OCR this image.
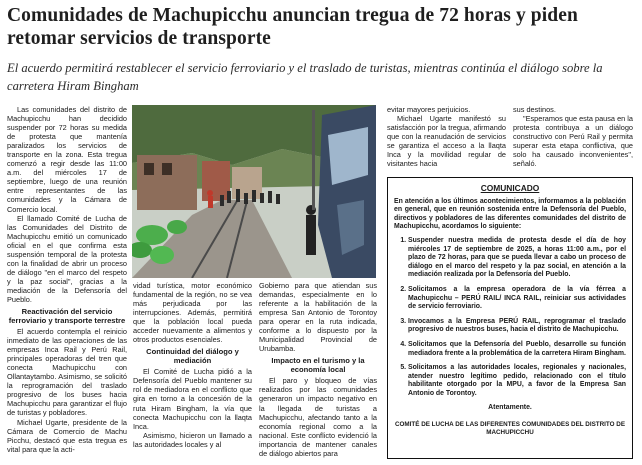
Comunidades de Machupicchu anuncian tregua de 72 horas y piden retomar servicios de transporte

El acuerdo permitirá restablecer el servicio ferroviario y el traslado de turistas, mientras continúa el diálogo sobre la carretera Hiram Bingham

Las comunidades del distrito de Machupicchu han decidido suspender por 72 horas su medida de protesta que mantenía paralizados los servicios de transporte en la zona. Esta tregua comenzó a regir desde las 11:00 a.m. del miércoles 17 de septiembre, luego de una reunión entre representantes de las comunidades y la Cámara de Comercio local.

El llamado Comité de Lucha de las Comunidades del Distrito de Machupicchu emitió un comunicado oficial en el que confirma esta suspensión temporal de la protesta con la finalidad de abrir un proceso de diálogo "en el marco del respeto y la paz social", gracias a la mediación de la Defensoría del Pueblo.

Reactivación del servicio ferroviario y transporte terrestre

El acuerdo contempla el reinicio inmediato de las operaciones de las empresas Inca Rail y Perú Rail, principales operadoras del tren que conecta Machupicchu con Ollantaytambo. Asimismo, se solicitó la reprogramación del traslado progresivo de los buses hacia Machupicchu para garantizar el flujo de turistas y pobladores.

Michael Ugarte, presidente de la Cámara de Comercio de Machu Picchu, destacó que esta tregua es vital para que la acti-

vidad turística, motor económico fundamental de la región, no se vea más perjudicada por las interrupciones. Además, permitirá que la población local pueda acceder nuevamente a alimentos y otros productos esenciales.

Continuidad del diálogo y mediación

El Comité de Lucha pidió a la Defensoría del Pueblo mantener su rol de mediadora en el conflicto que gira en torno a la concesión de la ruta Hiram Bingham, la vía que conecta Machupicchu con la llaqta Inca.

Asimismo, hicieron un llamado a las autoridades locales y al

Gobierno para que atiendan sus demandas, especialmente en lo referente a la habilitación de la empresa San Antonio de Torontoy para operar en la ruta indicada, conforme a lo dispuesto por la Municipalidad Provincial de Urubamba.

Impacto en el turismo y la economía local

El paro y bloqueo de vías realizados por las comunidades generaron un impacto negativo en la llegada de turistas a Machupicchu, afectando tanto a la economía regional como a la nacional. Este conflicto evidenció la importancia de mantener canales de diálogo abiertos para

evitar mayores perjuicios.

Michael Ugarte manifestó su satisfacción por la tregua, afirmando que con la reanudación de servicios se garantiza el acceso a la llaqta Inca y la movilidad regular de visitantes hacia

sus destinos.

"Esperamos que esta pausa en la protesta contribuya a un diálogo constructivo con Perú Rail y permita superar esta etapa conflictiva, que solo ha causado inconvenientes", señaló.

COMUNICADO

En atención a los últimos acontecimientos, informamos a la población en general, que en reunión sostenida entre la Defensoría del Pueblo, directivos y pobladores de las diferentes comunidades del distrito de Machupicchu, acordamos lo siguiente:

1. Suspender nuestra medida de protesta desde el día de hoy miércoles 17 de septiembre de 2025, a horas 11:00 a.m., por el plazo de 72 horas, para que se pueda llevar a cabo un proceso de diálogo en el marco del respeto y la paz social, en atención a la mediación realizada por la Defensoría del Pueblo.
2. Solicitamos a la empresa operadora de la vía férrea a Machupicchu – PERÚ RAIL/ INCA RAIL, reiniciar sus actividades de servicio ferroviario.
3. Invocamos a la Empresa PERÚ RAIL, reprogramar el traslado progresivo de nuestros buses, hacia el distrito de Machupicchu.
4. Solicitamos que la Defensoría del Pueblo, desarrolle su función mediadora frente a la problemática de la carretera Hiram Bingham.
5. Solicitamos a las autoridades locales, regionales y nacionales, atender nuestro legítimo pedido, relacionado con el título habilitante otorgado por la MPU, a favor de la Empresa San Antonio de Torontoy.
Atentamente.
COMITÉ DE LUCHA DE LAS DIFERENTES COMUNIDADES DEL DISTRITO DE MACHUPICCHU
